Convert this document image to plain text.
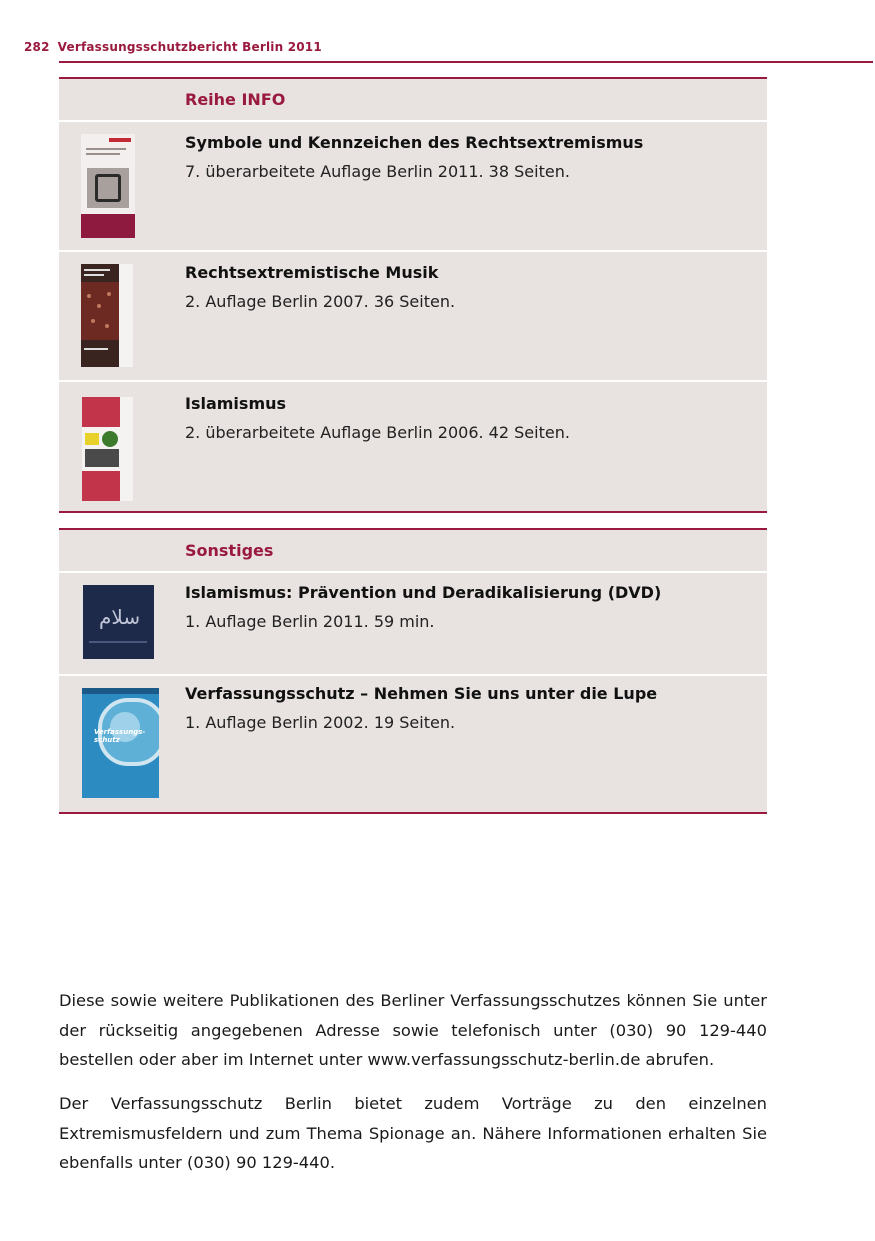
282 Verfassungsschutzbericht Berlin 2011
Reihe INFO
Symbole und Kennzeichen des Rechtsextremismus
7. überarbeitete Auflage Berlin 2011. 38 Seiten.
Rechtsextremistische Musik
2. Auflage Berlin 2007. 36 Seiten.
Islamismus
2. überarbeitete Auflage Berlin 2006. 42 Seiten.
Sonstiges
سلام
Islamismus: Prävention und Deradikalisierung (DVD)
1. Auflage Berlin 2011. 59 min.
Verfassungs-
schutz
Verfassungsschutz – Nehmen Sie uns unter die Lupe
1. Auflage Berlin 2002. 19 Seiten.

Diese sowie weitere Publikationen des Berliner Verfassungsschutzes können Sie unter der rückseitig angegebenen Adresse sowie telefonisch unter (030) 90 129-440 bestellen oder aber im Internet unter www.verfassungsschutz-berlin.de abrufen.

Der Verfassungsschutz Berlin bietet zudem Vorträge zu den einzelnen Extremismusfeldern und zum Thema Spionage an. Nähere Informationen erhalten Sie ebenfalls unter (030) 90 129-440.
